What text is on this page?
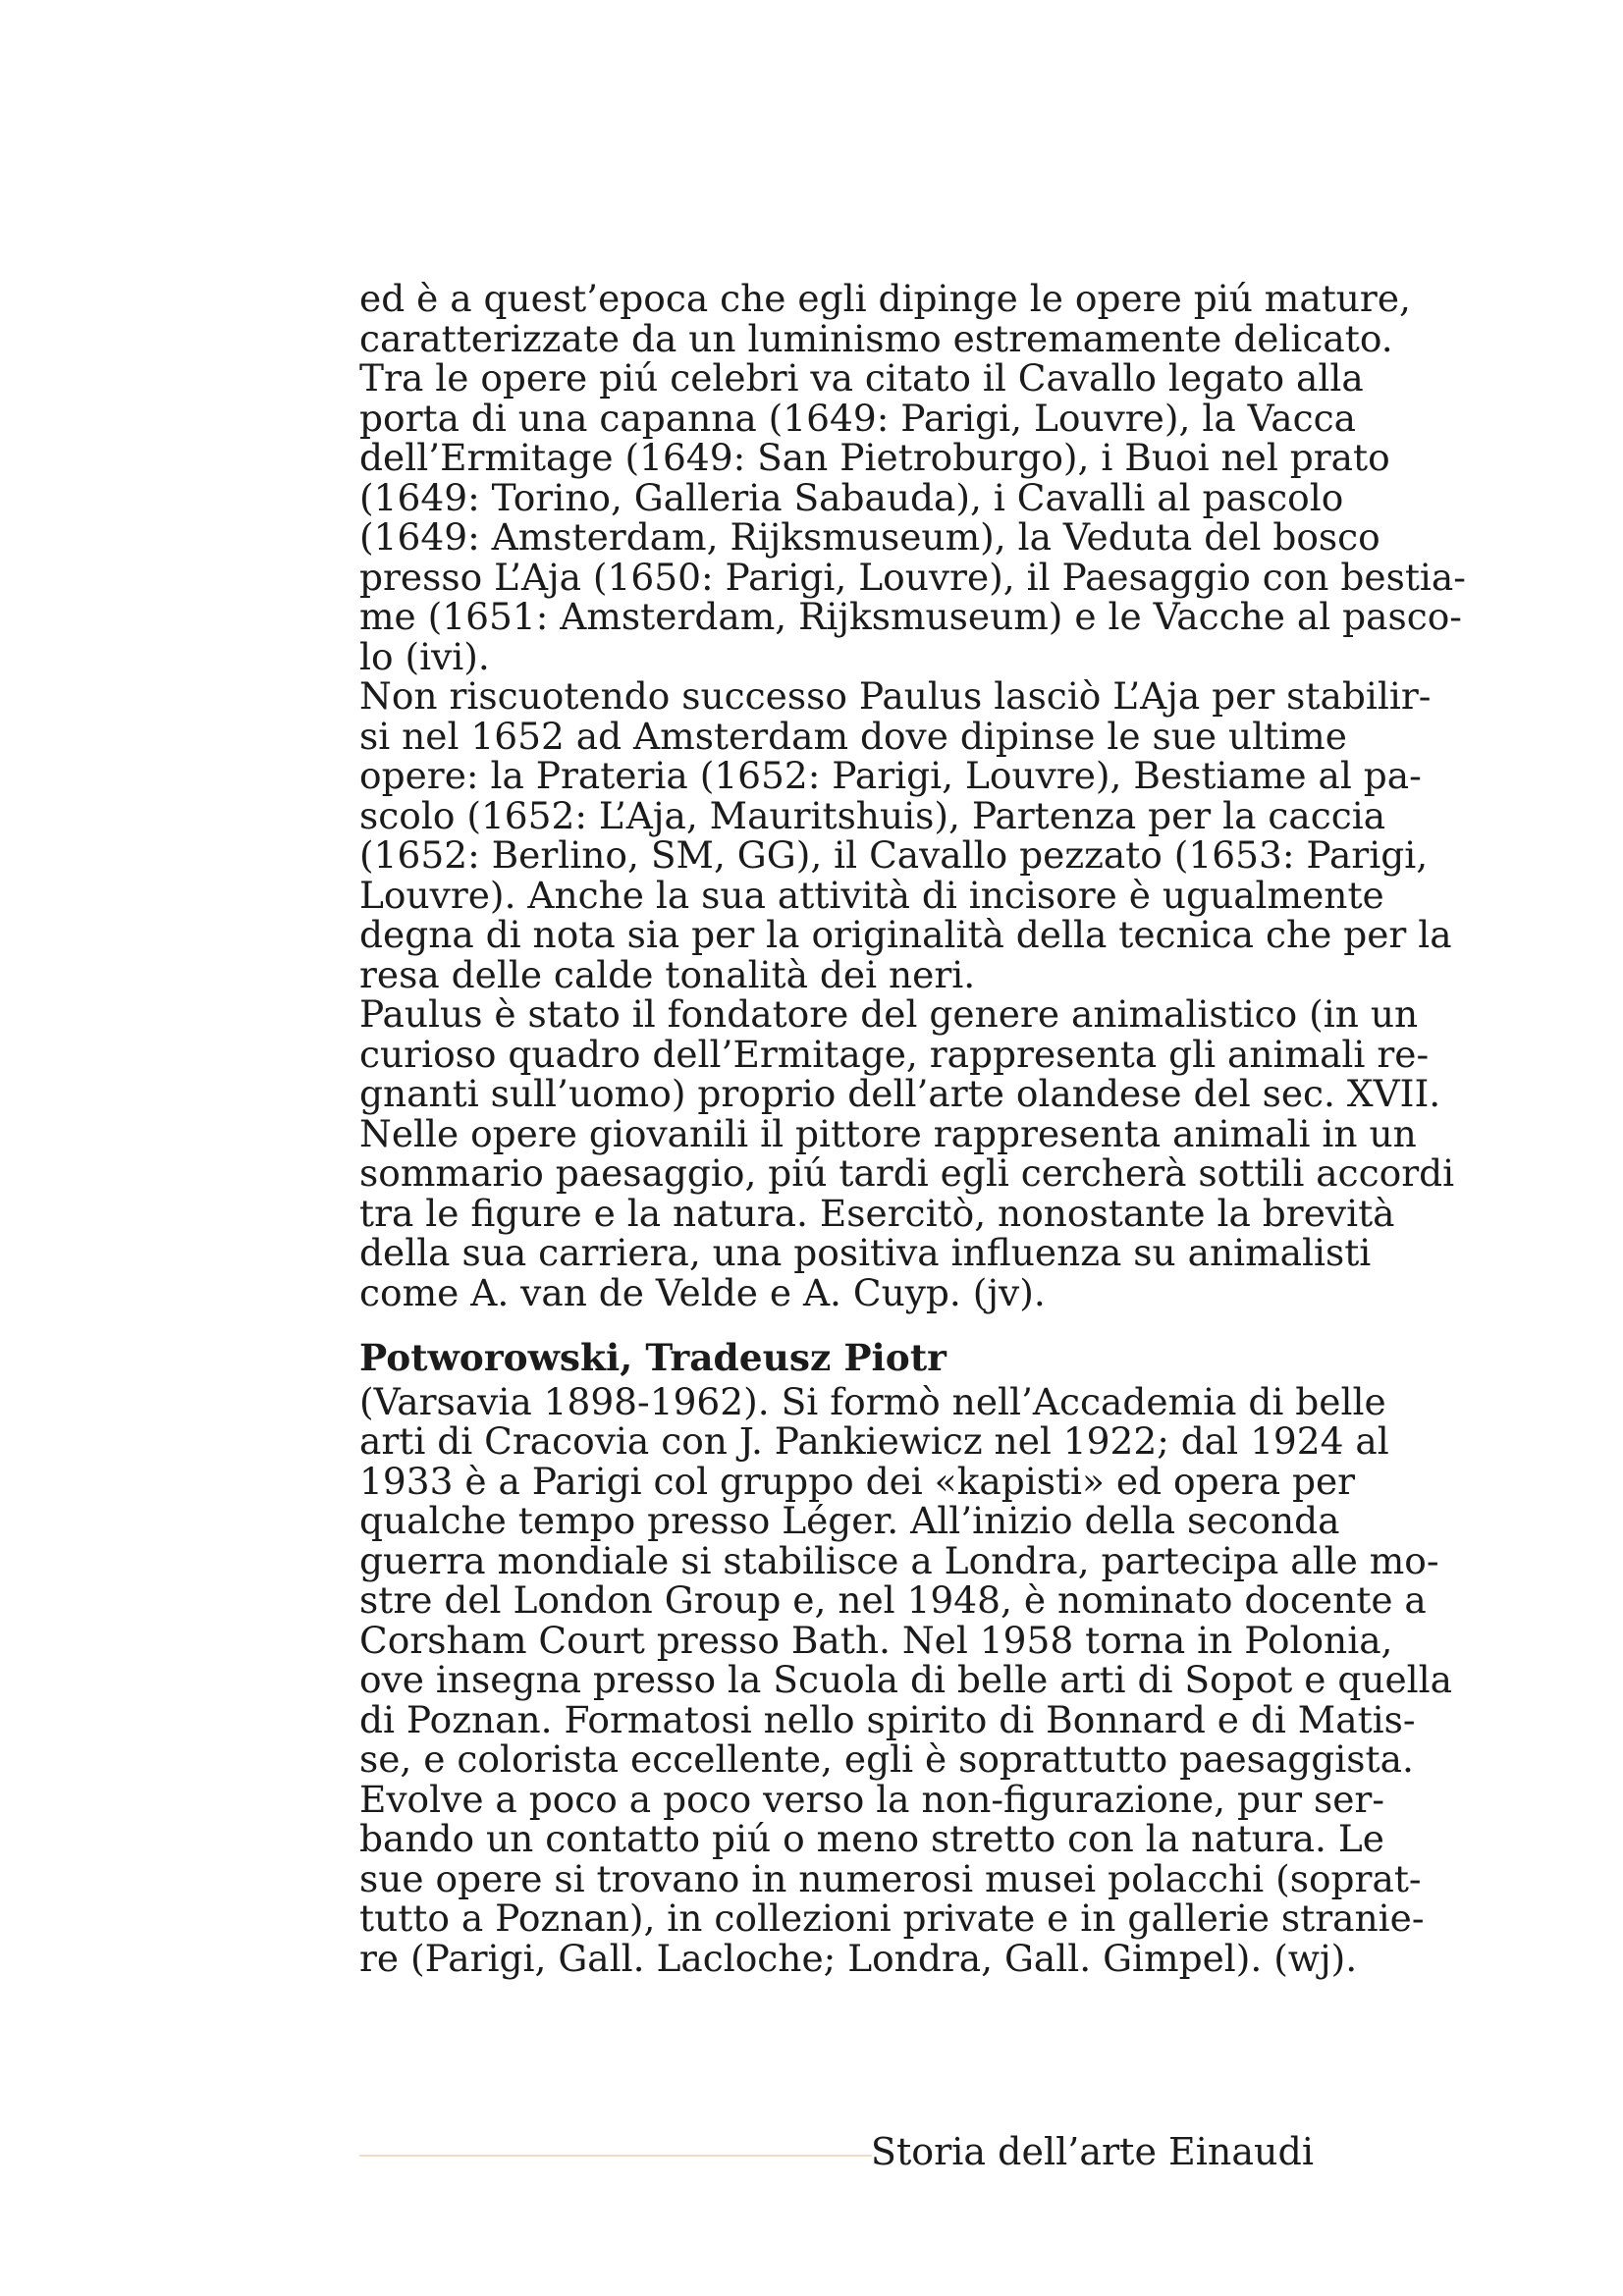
ed è a quest’epoca che egli dipinge le opere piú mature,
caratterizzate da un luminismo estremamente delicato.
Tra le opere piú celebri va citato il Cavallo legato alla
porta di una capanna (1649: Parigi, Louvre), la Vacca
dell’Ermitage (1649: San Pietroburgo), i Buoi nel prato
(1649: Torino, Galleria Sabauda), i Cavalli al pascolo
(1649: Amsterdam, Rijksmuseum), la Veduta del bosco
presso L’Aja (1650: Parigi, Louvre), il Paesaggio con bestia-
me (1651: Amsterdam, Rijksmuseum) e le Vacche al pasco-
lo (ivi).
Non riscuotendo successo Paulus lasciò L’Aja per stabilir-
si nel 1652 ad Amsterdam dove dipinse le sue ultime
opere: la Prateria (1652: Parigi, Louvre), Bestiame al pa-
scolo (1652: L’Aja, Mauritshuis), Partenza per la caccia
(1652: Berlino, SM, GG), il Cavallo pezzato (1653: Parigi,
Louvre). Anche la sua attività di incisore è ugualmente
degna di nota sia per la originalità della tecnica che per la
resa delle calde tonalità dei neri.
Paulus è stato il fondatore del genere animalistico (in un
curioso quadro dell’Ermitage, rappresenta gli animali re-
gnanti sull’uomo) proprio dell’arte olandese del sec. XVII.
Nelle opere giovanili il pittore rappresenta animali in un
sommario paesaggio, piú tardi egli cercherà sottili accordi
tra le figure e la natura. Esercitò, nonostante la brevità
della sua carriera, una positiva influenza su animalisti
come A. van de Velde e A. Cuyp. (jv).
Potworowski, Tradeusz Piotr
(Varsavia 1898-1962). Si formò nell’Accademia di belle
arti di Cracovia con J. Pankiewicz nel 1922; dal 1924 al
1933 è a Parigi col gruppo dei «kapisti» ed opera per
qualche tempo presso Léger. All’inizio della seconda
guerra mondiale si stabilisce a Londra, partecipa alle mo-
stre del London Group e, nel 1948, è nominato docente a
Corsham Court presso Bath. Nel 1958 torna in Polonia,
ove insegna presso la Scuola di belle arti di Sopot e quella
di Poznan. Formatosi nello spirito di Bonnard e di Matis-
se, e colorista eccellente, egli è soprattutto paesaggista.
Evolve a poco a poco verso la non-figurazione, pur ser-
bando un contatto piú o meno stretto con la natura. Le
sue opere si trovano in numerosi musei polacchi (soprat-
tutto a Poznan), in collezioni private e in gallerie stranie-
re (Parigi, Gall. Lacloche; Londra, Gall. Gimpel). (wj).
Storia dell’arte Einaudi
